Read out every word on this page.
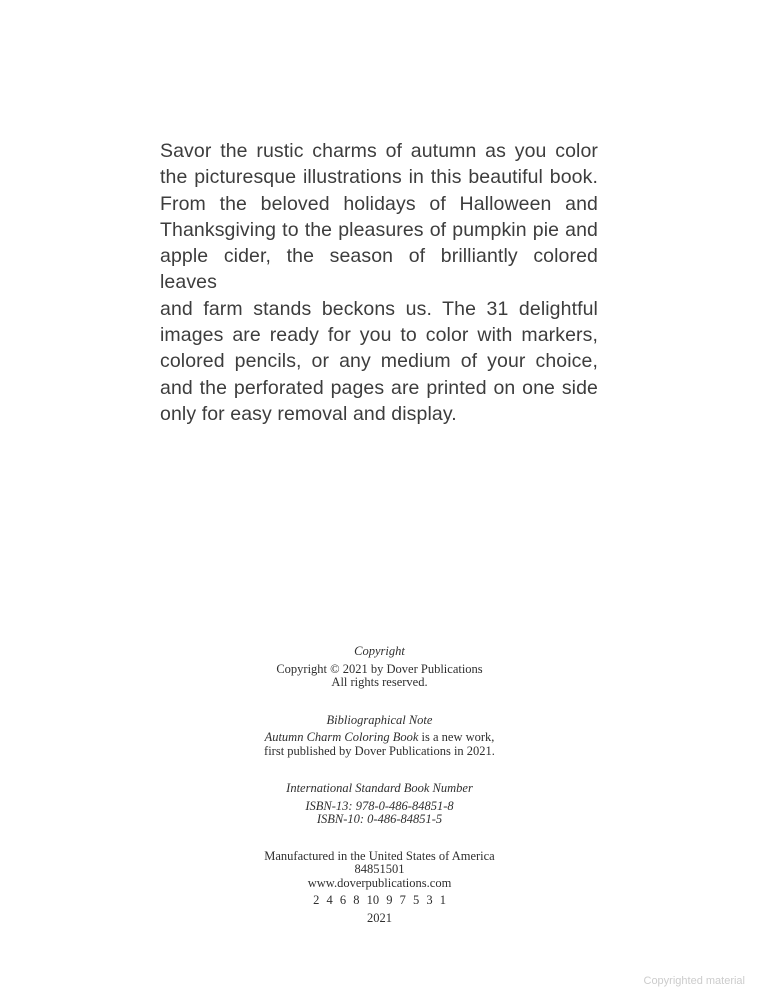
Savor the rustic charms of autumn as you color
the picturesque illustrations in this beautiful book.
From the beloved holidays of Halloween and
Thanksgiving to the pleasures of pumpkin pie and
apple cider, the season of brilliantly colored leaves
and farm stands beckons us. The 31 delightful
images are ready for you to color with markers,
colored pencils, or any medium of your choice,
and the perforated pages are printed on one side
only for easy removal and display.
Copyright
Copyright © 2021 by Dover Publications
All rights reserved.
Bibliographical Note
Autumn Charm Coloring Book is a new work,
first published by Dover Publications in 2021.
International Standard Book Number
ISBN-13: 978-0-486-84851-8
ISBN-10: 0-486-84851-5
Manufactured in the United States of America
84851501
www.doverpublications.com
2 4 6 8 10 9 7 5 3 1
2021
Copyrighted material
